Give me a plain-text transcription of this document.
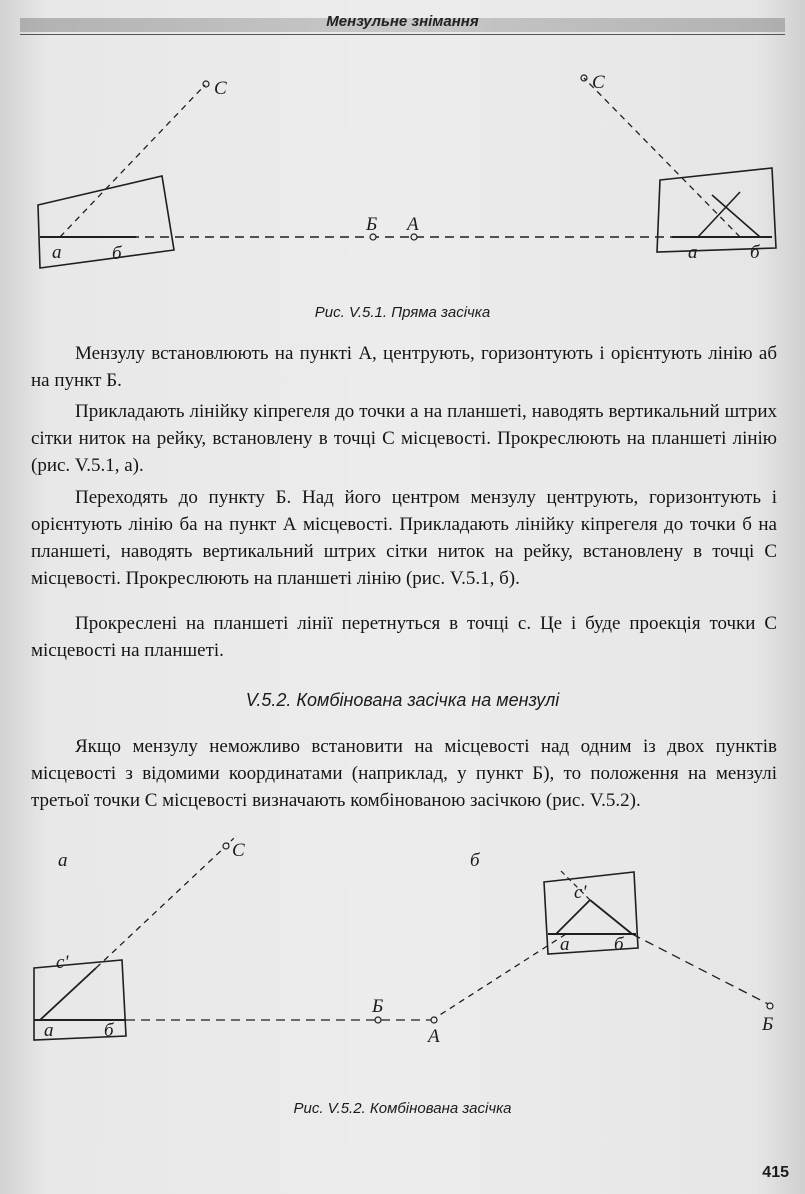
Мензульне знімання
C	C
Б А
a	б	a	б
Рис. V.5.1. Пряма засічка

Мензулу встановлюють на пункті А, центрують, горизонтують і орієнтують лінію аб на пункт Б.

Прикладають лінійку кіпрегеля до точки а на планшеті, наводять вертикальний штрих сітки ниток на рейку, встановлену в точці С місцевості. Прокреслюють на планшеті лінію (рис. V.5.1, а).

Переходять до пункту Б. Над його центром мензулу центрують, горизонтують і орієнтують лінію ба на пункт А місцевості. Прикладають лінійку кіпрегеля до точки б на планшеті, наводять вертикальний штрих сітки ниток на рейку, встановлену в точці С місцевості. Прокреслюють на планшеті лінію (рис. V.5.1, б).

Прокреслені на планшеті лінії перетнуться в точці с. Це і буде проекція точки С місцевості на планшеті.

V.5.2. Комбінована засічка на мензулі

Якщо мензулу неможливо встановити на місцевості над одним із двох пунктів місцевості з відомими координатами (наприклад, у пункт Б), то положення на мензулі третьої точки С місцевості визначають комбінованою засічкою (рис. V.5.2).

а	б
C
c'
c'
Б
А
Б
a	б
a б
Рис. V.5.2. Комбінована засічка
415
